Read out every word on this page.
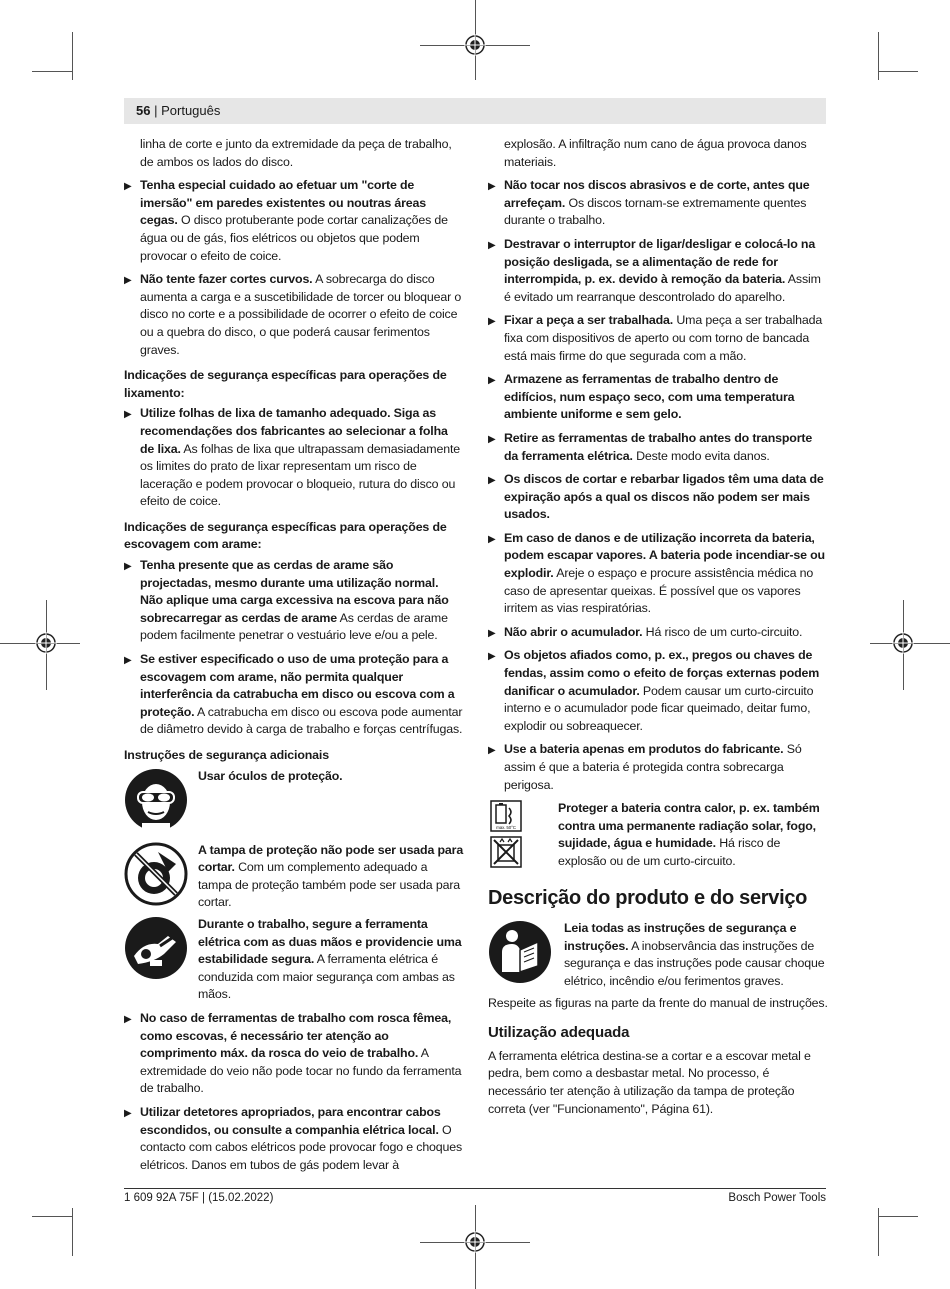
56 | Português

linha de corte e junto da extremidade da peça de trabalho, de ambos os lados do disco.

▶ Tenha especial cuidado ao efetuar um "corte de imersão" em paredes existentes ou noutras áreas cegas. O disco protuberante pode cortar canalizações de água ou de gás, fios elétricos ou objetos que podem provocar o efeito de coice.
▶ Não tente fazer cortes curvos. A sobrecarga do disco aumenta a carga e a suscetibilidade de torcer ou bloquear o disco no corte e a possibilidade de ocorrer o efeito de coice ou a quebra do disco, o que poderá causar ferimentos graves.
Indicações de segurança específicas para operações de lixamento:
▶ Utilize folhas de lixa de tamanho adequado. Siga as recomendações dos fabricantes ao selecionar a folha de lixa. As folhas de lixa que ultrapassam demasiadamente os limites do prato de lixar representam um risco de laceração e podem provocar o bloqueio, rutura do disco ou efeito de coice.
Indicações de segurança específicas para operações de escovagem com arame:
▶ Tenha presente que as cerdas de arame são projectadas, mesmo durante uma utilização normal. Não aplique uma carga excessiva na escova para não sobrecarregar as cerdas de arame As cerdas de arame podem facilmente penetrar o vestuário leve e/ou a pele.
▶ Se estiver especificado o uso de uma proteção para a escovagem com arame, não permita qualquer interferência da catrabucha em disco ou escova com a proteção. A catrabucha em disco ou escova pode aumentar de diâmetro devido à carga de trabalho e forças centrífugas.
Instruções de segurança adicionais
Usar óculos de proteção.
A tampa de proteção não pode ser usada para cortar. Com um complemento adequado a tampa de proteção também pode ser usada para cortar.
Durante o trabalho, segure a ferramenta elétrica com as duas mãos e providencie uma estabilidade segura. A ferramenta elétrica é conduzida com maior segurança com ambas as mãos.
▶ No caso de ferramentas de trabalho com rosca fêmea, como escovas, é necessário ter atenção ao comprimento máx. da rosca do veio de trabalho. A extremidade do veio não pode tocar no fundo da ferramenta de trabalho.
▶ Utilizar detetores apropriados, para encontrar cabos escondidos, ou consulte a companhia elétrica local. O contacto com cabos elétricos pode provocar fogo e choques elétricos. Danos em tubos de gás podem levar à

explosão. A infiltração num cano de água provoca danos materiais.

▶ Não tocar nos discos abrasivos e de corte, antes que arrefeçam. Os discos tornam-se extremamente quentes durante o trabalho.
▶ Destravar o interruptor de ligar/desligar e colocá-lo na posição desligada, se a alimentação de rede for interrompida, p. ex. devido à remoção da bateria. Assim é evitado um rearranque descontrolado do aparelho.
▶ Fixar a peça a ser trabalhada. Uma peça a ser trabalhada fixa com dispositivos de aperto ou com torno de bancada está mais firme do que segurada com a mão.
▶ Armazene as ferramentas de trabalho dentro de edifícios, num espaço seco, com uma temperatura ambiente uniforme e sem gelo.
▶ Retire as ferramentas de trabalho antes do transporte da ferramenta elétrica. Deste modo evita danos.
▶ Os discos de cortar e rebarbar ligados têm uma data de expiração após a qual os discos não podem ser mais usados.
▶ Em caso de danos e de utilização incorreta da bateria, podem escapar vapores. A bateria pode incendiar-se ou explodir. Areje o espaço e procure assistência médica no caso de apresentar queixas. É possível que os vapores irritem as vias respiratórias.
▶ Não abrir o acumulador. Há risco de um curto-circuito.
▶ Os objetos afiados como, p. ex., pregos ou chaves de fendas, assim como o efeito de forças externas podem danificar o acumulador. Podem causar um curto-circuito interno e o acumulador pode ficar queimado, deitar fumo, explodir ou sobreaquecer.
▶ Use a bateria apenas em produtos do fabricante. Só assim é que a bateria é protegida contra sobrecarga perigosa.
max. 50°C
Proteger a bateria contra calor, p. ex. também contra uma permanente radiação solar, fogo, sujidade, água e humidade. Há risco de explosão ou de um curto-circuito.
Descrição do produto e do serviço
Leia todas as instruções de segurança e instruções. A inobservância das instruções de segurança e das instruções pode causar choque elétrico, incêndio e/ou ferimentos graves.

Respeite as figuras na parte da frente do manual de instruções.

Utilização adequada

A ferramenta elétrica destina-se a cortar e a escovar metal e pedra, bem como a desbastar metal. No processo, é necessário ter atenção à utilização da tampa de proteção correta (ver "Funcionamento", Página 61).

1 609 92A 75F | (15.02.2022)	Bosch Power Tools
